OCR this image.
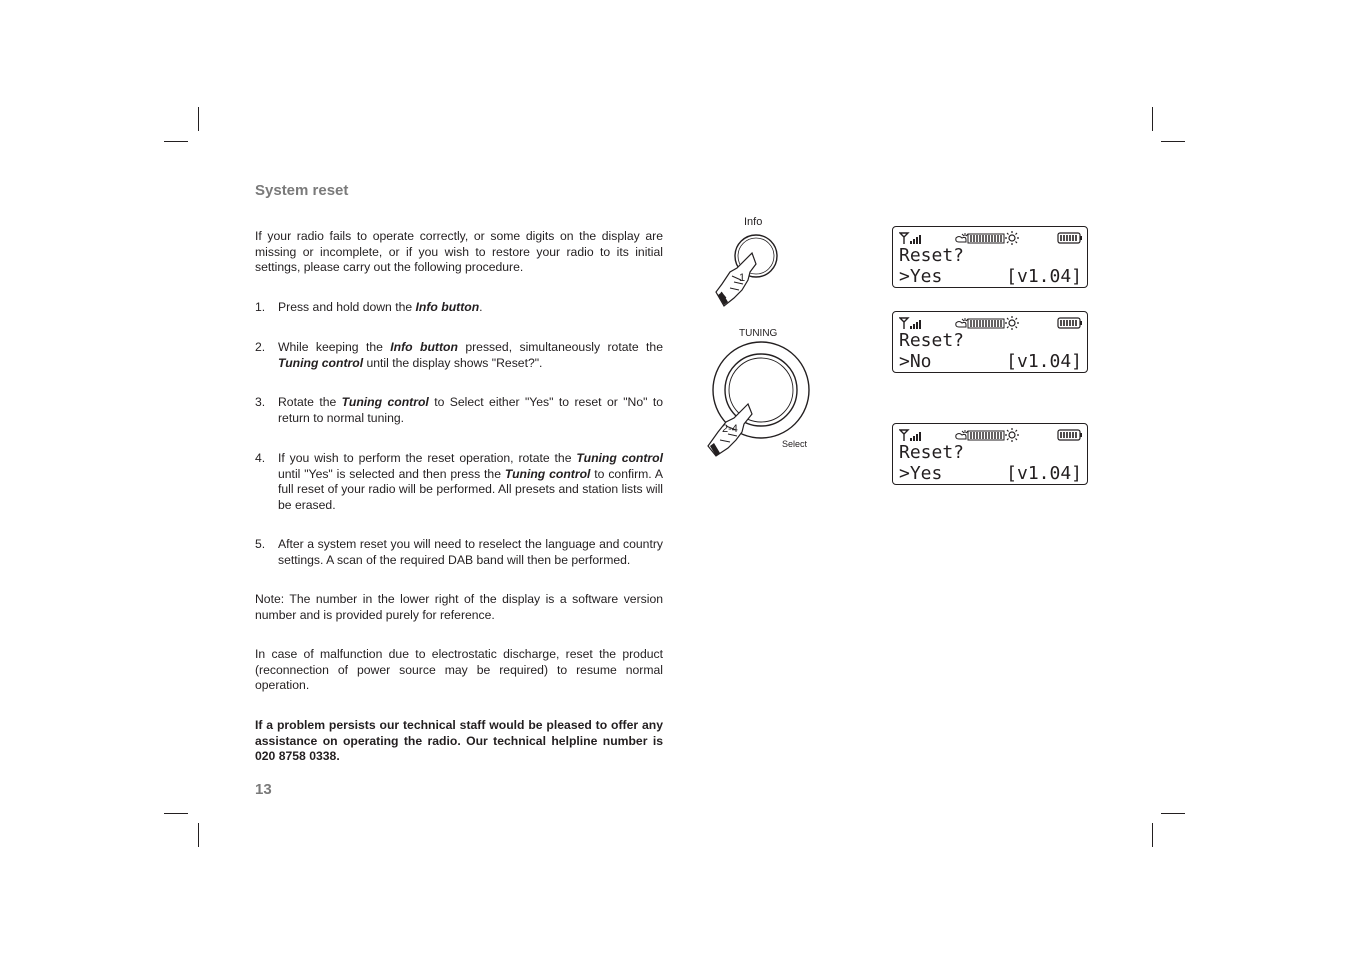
System reset
If your radio fails to operate correctly, or some digits on the display are missing or incomplete, or if you wish to restore your radio to its initial settings, please carry out the following procedure.
1. Press and hold down the Info button.
2. While keeping the Info button pressed, simultaneously rotate the Tuning control until the display shows "Reset?".
3. Rotate the Tuning control to Select either "Yes" to reset or "No" to return to normal tuning.
4. If you wish to perform the reset operation, rotate the Tuning control until "Yes" is selected and then press the Tuning control to confirm. A full reset of your radio will be performed. All presets and station lists will be erased.
5. After a system reset you will need to reselect the language and country settings. A scan of the required DAB band will then be performed.
Note: The number in the lower right of the display is a software version number and is provided purely for reference.
In case of malfunction due to electrostatic discharge, reset the product (reconnection of power source may be required) to resume normal operation.
If a problem persists our technical staff would be pleased to offer any assistance on operating the radio. Our technical helpline number is 020 8758 0338.
13
Info
1
TUNING
2-4
Select
Reset?
>Yes	[v1.04]
Reset?
>No	[v1.04]
Reset?
>Yes	[v1.04]
